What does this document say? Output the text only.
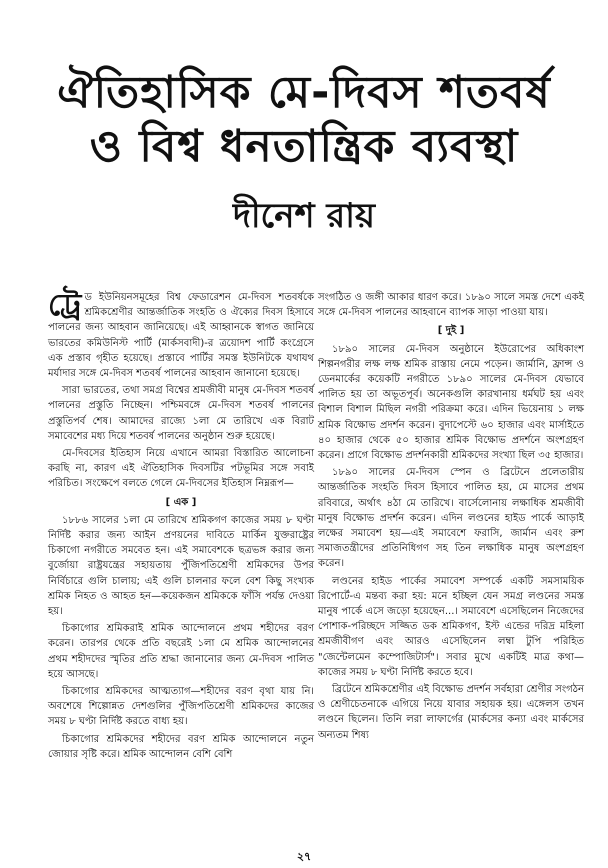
ঐতিহাসিক মে-দিবস শতবর্ষ
ও বিশ্ব ধনতান্ত্রিক ব্যবস্থা
দীনেশ রায়

ট্রে ড ইউনিয়নসমূহের বিশ্ব ফেডারেশন মে-দিবস শতবর্ষকে শ্রমিকশ্রেণীর আন্তর্জাতিক সংহতি ও ঐক্যের দিবস হিসাবে পালনের জন্য আহবান জানিয়েছে। এই আহ্বানকে স্বাগত জানিয়ে ভারতের কমিউনিস্ট পার্টি (মার্কসবাদী)-র ত্রয়োদশ পার্টি কংগ্রেসে এক প্রস্তাব গৃহীত হয়েছে। প্রস্তাবে পার্টির সমস্ত ইউনিটকে যথাযথ মর্যাদার সঙ্গে মে-দিবস শতবর্ষ পালনের আহবান জানানো হয়েছে।

সারা ভারতের, তথা সমগ্র বিশ্বের শ্রমজীবী মানুষ মে-দিবস শতবর্ষ পালনের প্রস্তুতি নিচ্ছেন। পশ্চিমবঙ্গে মে-দিবস শতবর্ষ পালনের প্রস্তুতিপর্ব শেষ। আমাদের রাজ্যে ১লা মে তারিখে এক বিরাট সমাবেশের মধ্য দিয়ে শতবর্ষ পালনের অনুষ্ঠান শুরু হয়েছে।

মে-দিবসের ইতিহাস নিয়ে এখানে আমরা বিস্তারিত আলোচনা করছি না, কারণ এই ঐতিহাসিক দিবসটির পটভূমির সঙ্গে সবাই পরিচিত। সংক্ষেপে বলতে গেলে মে-দিবসের ইতিহাস নিম্নরূপ—

[ এক ]

১৮৮৬ সালের ১লা মে তারিখে শ্রমিকগণ কাজের সময় ৮ ঘণ্টা নির্দিষ্ট করার জন্য আইন প্রণয়নের দাবিতে মার্কিন যুক্তরাষ্ট্রের চিকাগো নগরীতে সমবেত হন। এই সমাবেশকে ছত্রভঙ্গ করার জন্য বুর্জোয়া রাষ্ট্রযন্ত্রের সহায়তায় পুঁজিপতিশ্রেণী শ্রমিকদের উপর নির্বিচারে গুলি চালায়; এই গুলি চালনার ফলে বেশ কিছু সংখ্যক শ্রমিক নিহত ও আহত হন—কয়েকজন শ্রমিককে ফাঁসি পর্যন্ত দেওয়া হয়।

চিকাগোর শ্রমিকরাই শ্রমিক আন্দোলনে প্রথম শহীদের বরণ করেন। তারপর থেকে প্রতি বছরেই ১লা মে শ্রমিক আন্দোলনের প্রথম শহীদদের স্মৃতির প্রতি শ্রদ্ধা জানানোর জন্য মে-দিবস পালিত হয়ে আসছে।

চিকাগোর শ্রমিকদের আত্মত্যাগ—শহীদের বরণ বৃথা যায় নি। অবশেষে শিল্পোন্নত দেশগুলির পুঁজিপতিশ্রেণী শ্রমিকদের কাজের সময় ৮ ঘণ্টা নির্দিষ্ট করতে বাধ্য হয়।

চিকাগোর শ্রমিকদের শহীদের বরণ শ্রমিক আন্দোলনে নতুন জোয়ার সৃষ্টি করে। শ্রমিক আন্দোলন বেশি বেশি

সংগঠিত ও জঙ্গী আকার ধারণ করে। ১৮৯০ সালে সমস্ত দেশে একই সঙ্গে মে-দিবস পালনের আহবানে ব্যাপক সাড়া পাওয়া যায়।

[ দুই ]

১৮৯০ সালের মে-দিবস অনুষ্ঠানে ইউরোপের অধিকাংশ শিল্পনগরীর লক্ষ লক্ষ শ্রমিক রাস্তায় নেমে পড়েন। জার্মানি, ফ্রান্স ও ডেনমার্কের কয়েকটি নগরীতে ১৮৯০ সালের মে-দিবস যেভাবে পালিত হয় তা অভূতপূর্ব। অনেকগুলি কারখানায় ধর্মঘট হয় এবং বিশাল বিশাল মিছিল নগরী পরিক্রমা করে। এদিন ভিয়েনায় ১ লক্ষ শ্রমিক বিক্ষোভ প্রদর্শন করেন। বুদাপেস্টে ৬০ হাজার এবং মার্সাইতে ৪০ হাজার থেকে ৫০ হাজার শ্রমিক বিক্ষোভ প্রদর্শনে অংশগ্রহণ করেন। প্রাগে বিক্ষোভ প্রদর্শনকারী শ্রমিকদের সংখ্যা ছিল ৩৫ হাজার।

১৮৯০ সালের মে-দিবস স্পেন ও ব্রিটেনে প্রলেতারীয় আন্তর্জাতিক সংহতি দিবস হিসাবে পালিত হয়, মে মাসের প্রথম রবিবারে, অর্থাৎ ৪ঠা মে তারিখে। বার্সেলোনায় লক্ষাধিক শ্রমজীবী মানুষ বিক্ষোভ প্রদর্শন করেন। এদিন লণ্ডনের হাইড পার্কে আড়াই লক্ষের সমাবেশ হয়—এই সমাবেশে ফরাসি, জার্মান এবং রুশ সমাজতন্ত্রীদের প্রতিনিধিগণ সহ তিন লক্ষাধিক মানুষ অংশগ্রহণ করেন।

লণ্ডনের হাইড পার্কের সমাবেশ সম্পর্কে একটি সমসাময়িক রিপোর্টে-এ মন্তব্য করা হয়: মনে হচ্ছিল যেন সমগ্র লণ্ডনের সমস্ত মানুষ পার্কে এসে জড়ো হয়েছেন...। সমাবেশে এসেছিলেন নিজেদের পোশাক-পরিচ্ছদে সজ্জিত ডক শ্রমিকগণ, ইস্ট এন্ডের দরিদ্র মহিলা শ্রমজীবীগণ এবং আরও এসেছিলেন লম্বা টুপি পরিহিত "জেন্টেলমেন কম্পোজিটার্স"। সবার মুখে একটিই মাত্র কথা—কাজের সময় ৮ ঘণ্টা নির্দিষ্ট করতে হবে।

ব্রিটেনে শ্রমিকশ্রেণীর এই বিক্ষোভ প্রদর্শন সর্বহারা শ্রেণীর সংগঠন ও শ্রেণীচেতনাকে এগিয়ে নিয়ে যাবার সহায়ক হয়। এঙ্গেলস তখন লণ্ডনে ছিলেন। তিনি লরা লাফার্গের (মার্কসের কন্যা এবং মার্কসের অন্যতম শিষ্য

২৭
